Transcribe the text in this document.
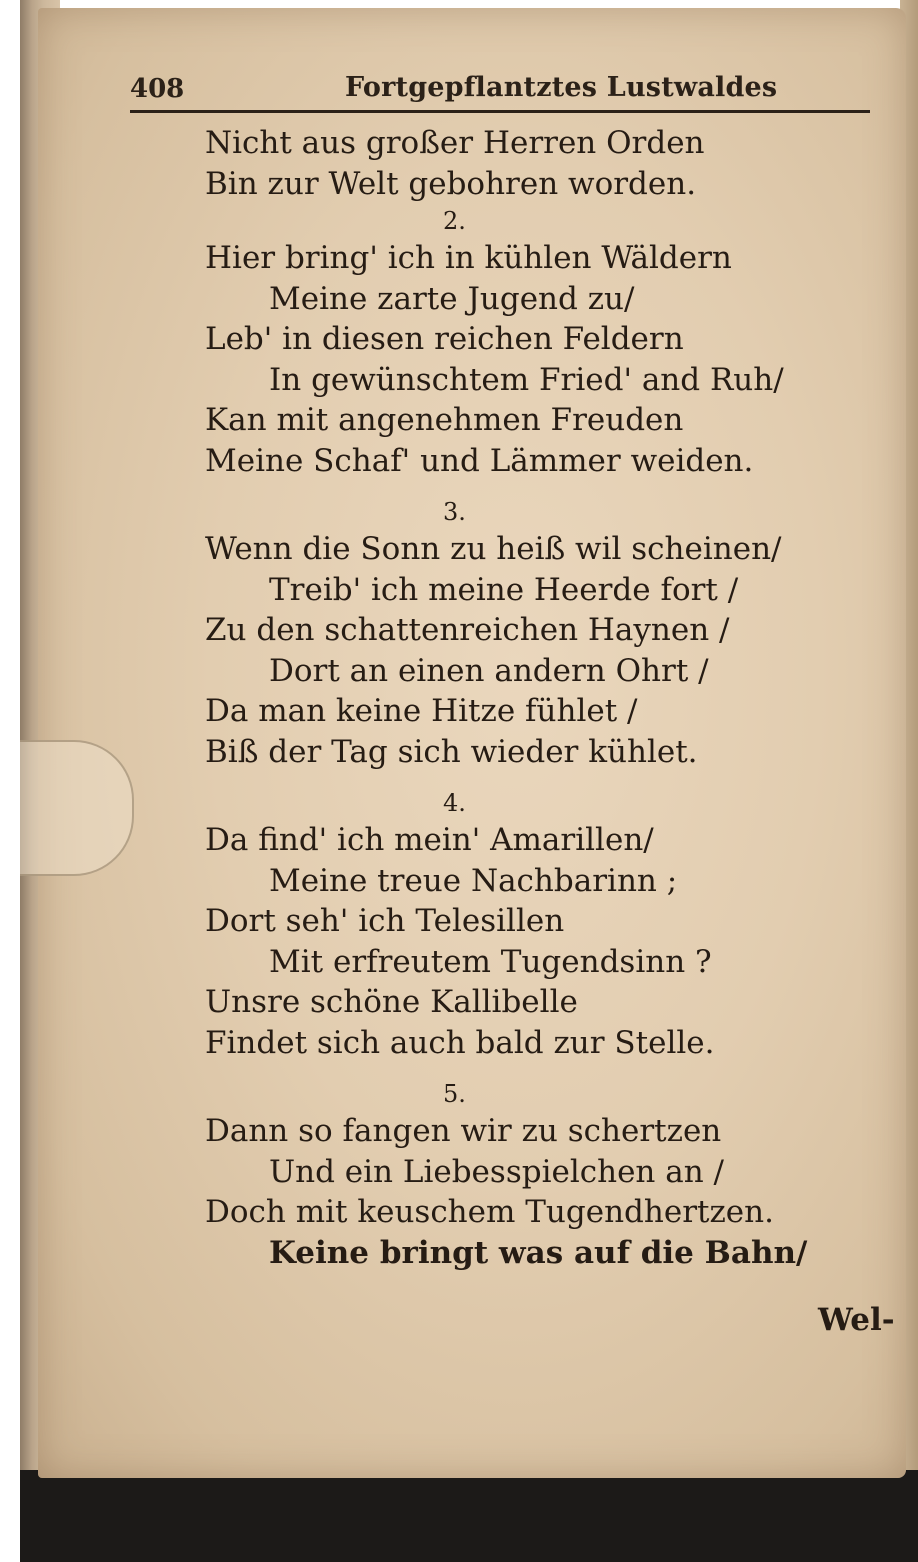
408	Fortgepflantztes Lustwaldes
Nicht aus großer Herren Orden
Bin zur Welt gebohren worden.
2.
Hier bring' ich in kühlen Wäldern
Meine zarte Jugend zu/
Leb' in diesen reichen Feldern
In gewünschtem Fried' and Ruh/
Kan mit angenehmen Freuden
Meine Schaf' und Lämmer weiden.
3.
Wenn die Sonn zu heiß wil scheinen/
Treib' ich meine Heerde fort /
Zu den schattenreichen Haynen /
Dort an einen andern Ohrt /
Da man keine Hitze fühlet /
Biß der Tag sich wieder kühlet.
4.
Da find' ich mein' Amarillen/
Meine treue Nachbarinn ;
Dort seh' ich Telesillen
Mit erfreutem Tugendsinn ?
Unsre schöne Kallibelle
Findet sich auch bald zur Stelle.
5.
Dann so fangen wir zu schertzen
Und ein Liebesspielchen an /
Doch mit keuschem Tugendhertzen.
Keine bringt was auf die Bahn/
Wel-
